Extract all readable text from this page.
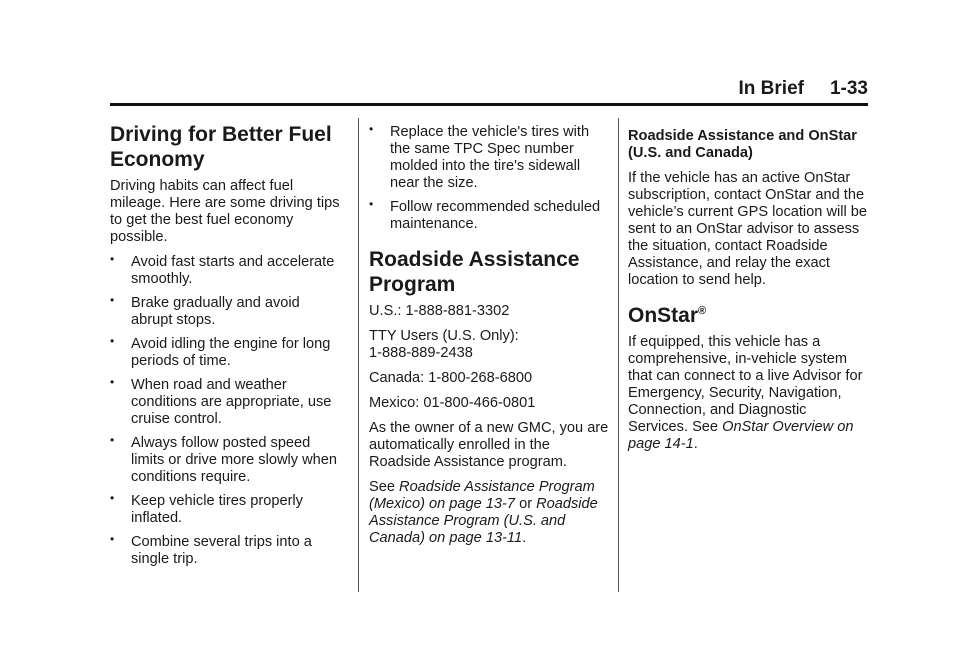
In Brief 1-33
Driving for Better Fuel Economy

Driving habits can affect fuel mileage. Here are some driving tips to get the best fuel economy possible.

• Avoid fast starts and accelerate smoothly.
• Brake gradually and avoid abrupt stops.
• Avoid idling the engine for long periods of time.
• When road and weather conditions are appropriate, use cruise control.
• Always follow posted speed limits or drive more slowly when conditions require.
• Keep vehicle tires properly inflated.
• Combine several trips into a single trip.
• Replace the vehicle's tires with the same TPC Spec number molded into the tire's sidewall near the size.
• Follow recommended scheduled maintenance.
Roadside Assistance Program

U.S.: 1-888-881-3302

TTY Users (U.S. Only):
1-888-889-2438

Canada: 1-800-268-6800

Mexico: 01-800-466-0801

As the owner of a new GMC, you are automatically enrolled in the Roadside Assistance program.

See Roadside Assistance Program (Mexico) on page 13-7 or Roadside Assistance Program (U.S. and Canada) on page 13-11.

Roadside Assistance and OnStar (U.S. and Canada)

If the vehicle has an active OnStar subscription, contact OnStar and the vehicle’s current GPS location will be sent to an OnStar advisor to assess the situation, contact Roadside Assistance, and relay the exact location to send help.

OnStar®

If equipped, this vehicle has a comprehensive, in-vehicle system that can connect to a live Advisor for Emergency, Security, Navigation, Connection, and Diagnostic Services. See OnStar Overview on page 14-1.
